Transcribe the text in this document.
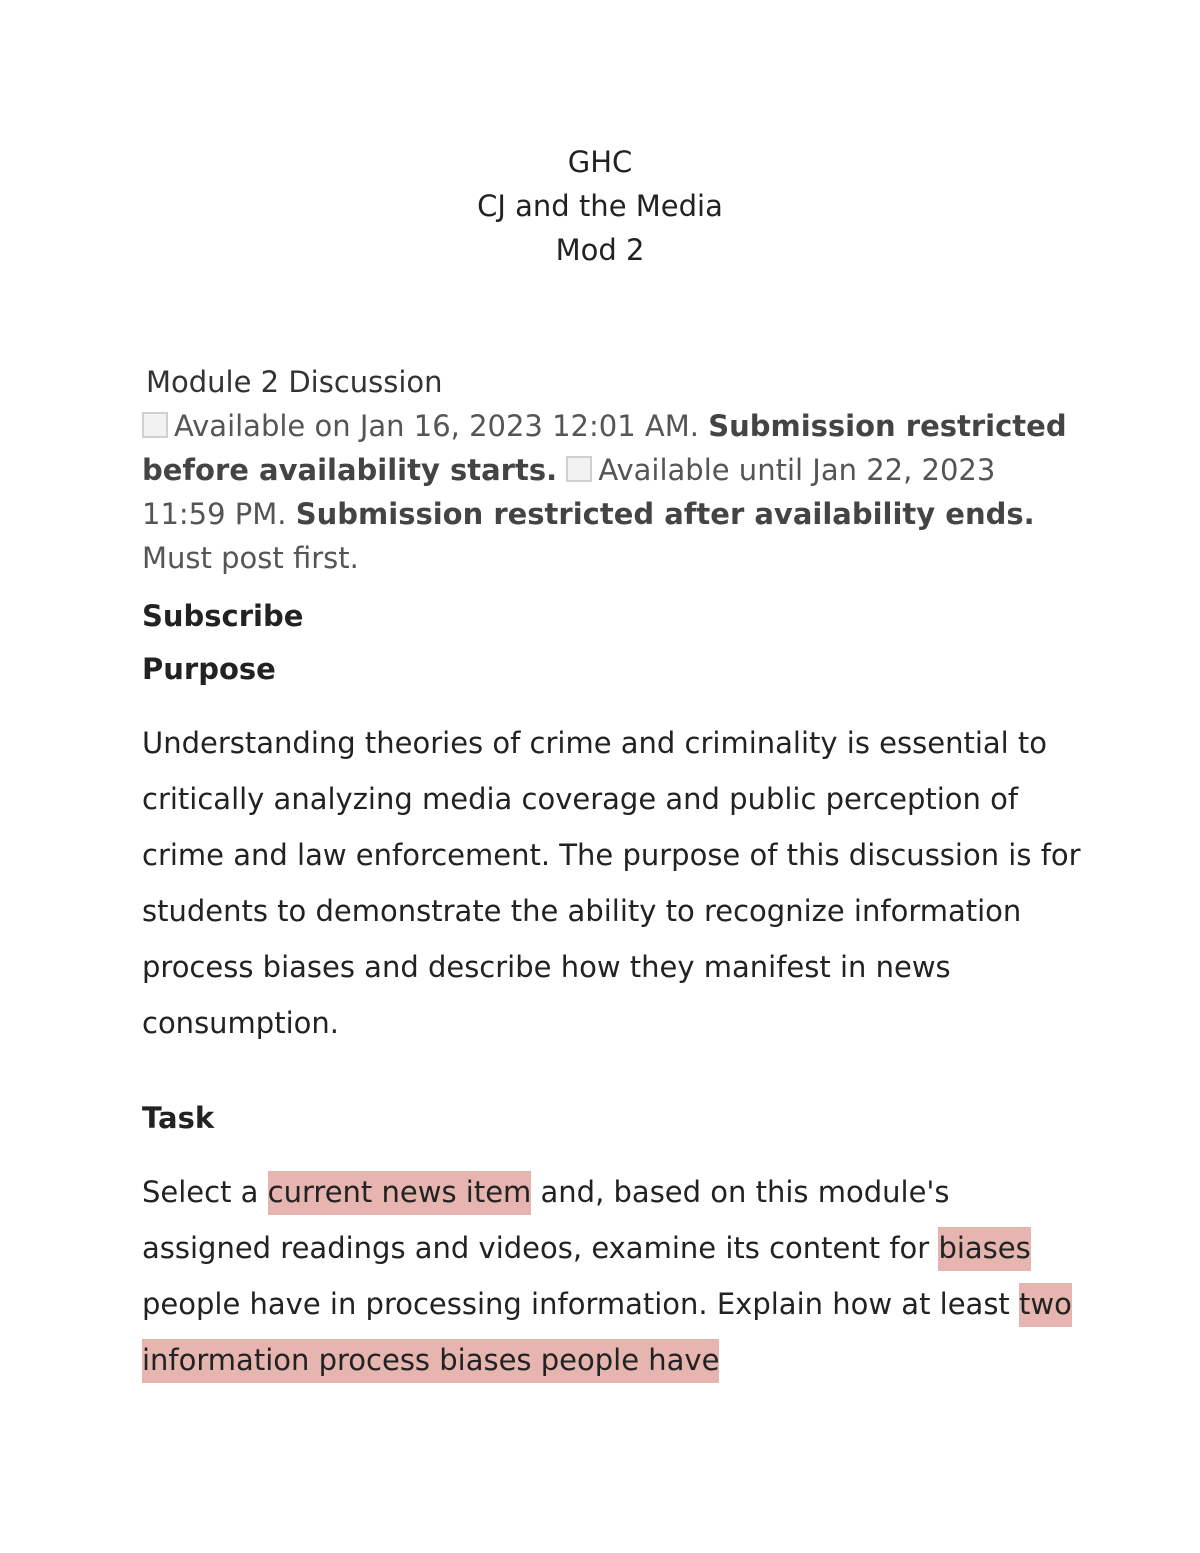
GHC
CJ and the Media
Mod 2
Module 2 Discussion
Available on Jan 16, 2023 12:01 AM. Submission restricted before availability starts. Available until Jan 22, 2023 11:59 PM. Submission restricted after availability ends. Must post first.
Subscribe
Purpose

Understanding theories of crime and criminality is essential to critically analyzing media coverage and public perception of crime and law enforcement. The purpose of this discussion is for students to demonstrate the ability to recognize information process biases and describe how they manifest in news consumption.

Task

Select a current news item and, based on this module's assigned readings and videos, examine its content for biases people have in processing information. Explain how at least two information process biases people have
